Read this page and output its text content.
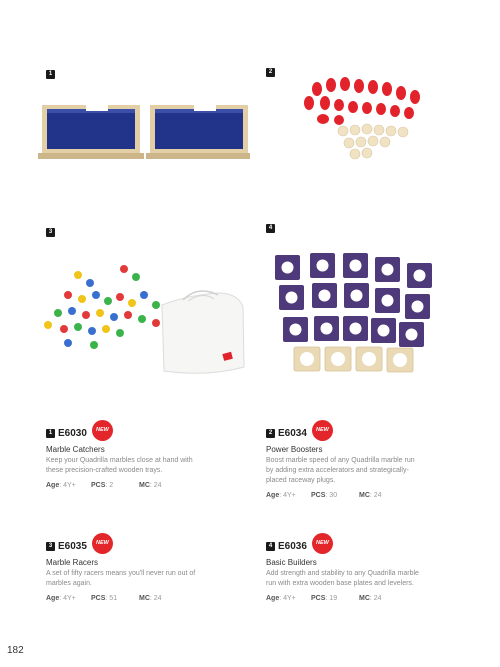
1	2
3
4
1 E6030	NEW
Marble Catchers
Keep your Quadrilla marbles close at hand with these precision-crafted wooden trays.
Age: 4Y+ PCS: 2	MC: 24
2 E6034	NEW
Power Boosters
Boost marble speed of any Quadrilla marble run by adding extra accelerators and strategically-placed raceway plugs.
Age: 4Y+ PCS: 30	MC: 24
3 E6035	NEW
Marble Racers
A set of fifty racers means you'll never run out of marbles again.
Age: 4Y+ PCS: 51	MC: 24
4 E6036	NEW
Basic Builders
Add strength and stability to any Quadrilla marble run with extra wooden base plates and levelers.
Age: 4Y+ PCS: 19	MC: 24
182
